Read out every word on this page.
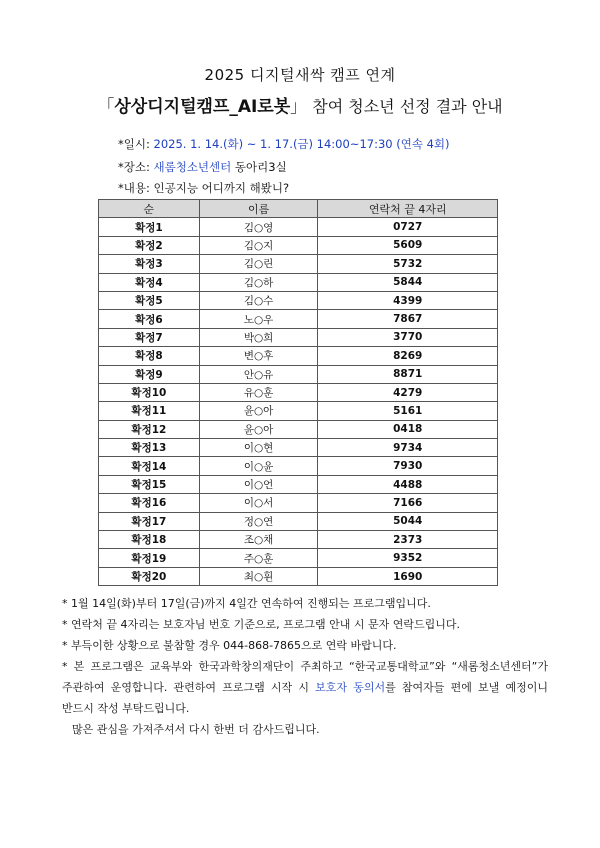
2025 디지털새싹 캠프 연계
「상상디지털캠프_AI로봇」 참여 청소년 선정 결과 안내
*일시: 2025. 1. 14.(화) ~ 1. 17.(금) 14:00~17:30 (연속 4회)
*장소: 새롬청소년센터 동아리3실
*내용: 인공지능 어디까지 해봤니?
순	이름	연락처 끝 4자리
확정1	김○영	0727
확정2	김○지	5609
확정3	김○린	5732
확정4	김○하	5844
확정5	김○수	4399
확정6	노○우	7867
확정7	박○희	3770
확정8	변○후	8269
확정9	안○유	8871
확정10	유○훈	4279
확정11	윤○아	5161
확정12	윤○아	0418
확정13	이○현	9734
확정14	이○윤	7930
확정15	이○언	4488
확정16	이○서	7166
확정17	정○연	5044
확정18	조○채	2373
확정19	주○훈	9352
확정20	최○휜	1690

* 1월 14일(화)부터 17일(금)까지 4일간 연속하여 진행되는 프로그램입니다.

* 연락처 끝 4자리는 보호자님 번호 기준으로, 프로그램 안내 시 문자 연락드립니다.

* 부득이한 상황으로 불참할 경우 044-868-7865으로 연락 바랍니다.

* 본 프로그램은 교육부와 한국과학창의재단이 주최하고 “한국교통대학교”와 “새롬청소년센터”가

주관하여 운영합니다. 관련하여 프로그램 시작 시 보호자 동의서를 참여자들 편에 보낼 예정이니

반드시 작성 부탁드립니다.

많은 관심을 가져주셔서 다시 한번 더 감사드립니다.
